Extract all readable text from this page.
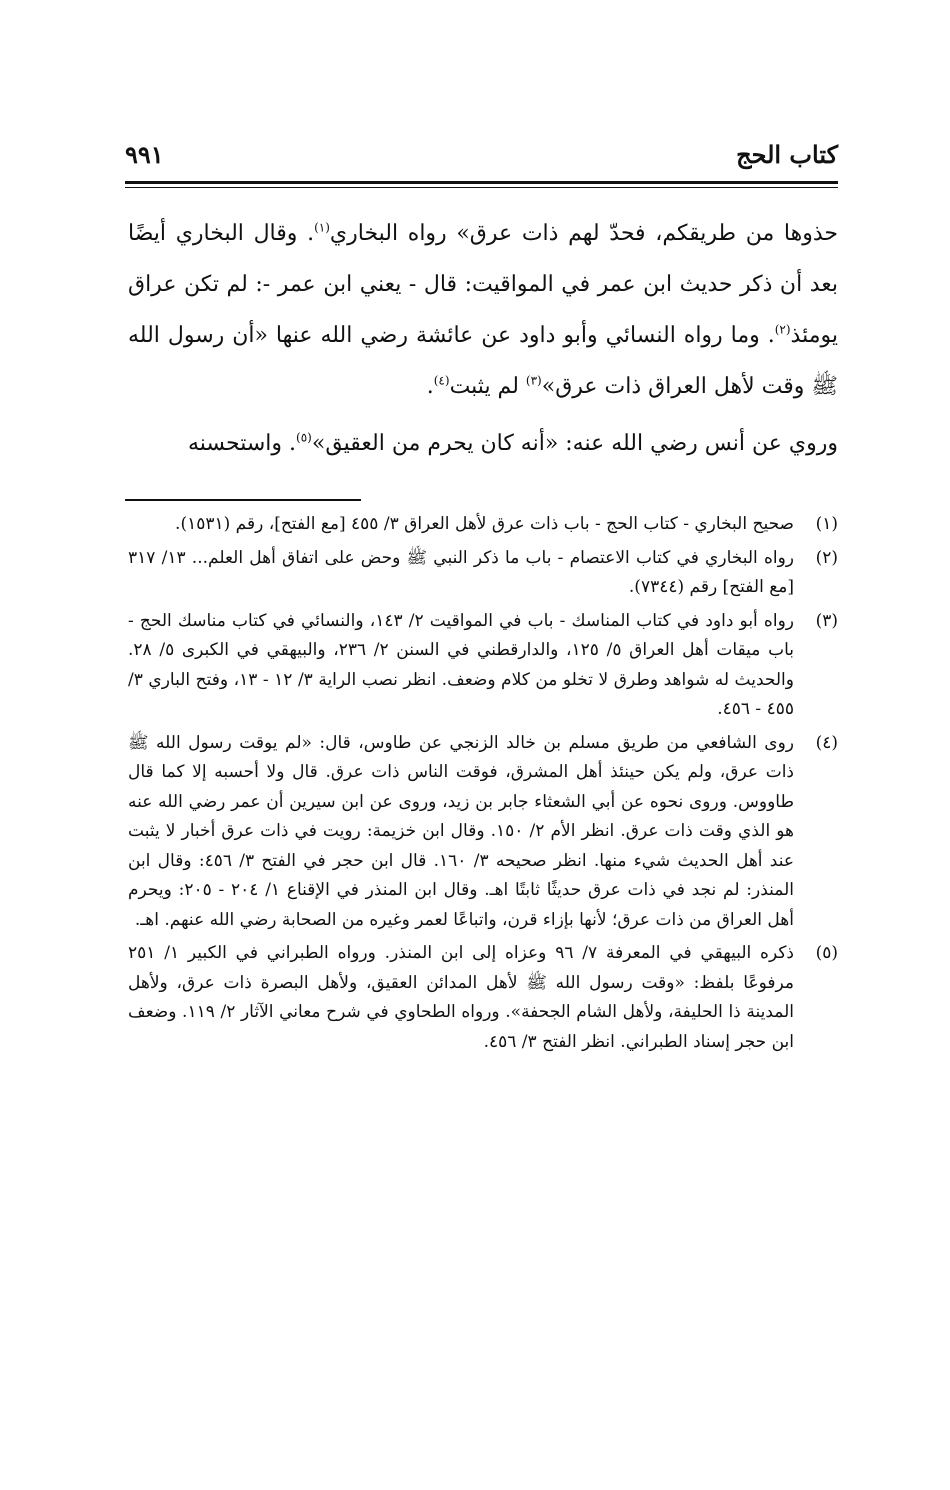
كتاب الحج
٩٩١

حذوها من طريقكم، فحدّ لهم ذات عرق» رواه البخاري$^{(١)}$. وقال البخاري أيضًا بعد أن ذكر حديث ابن عمر في المواقيت: قال - يعني ابن عمر -: لم تكن عراق يومئذ$^{(٢)}$. وما رواه النسائي وأبو داود عن عائشة رضي الله عنها «أن رسول الله ﷺ وقت لأهل العراق ذات عرق»$^{(٣)}$ لم يثبت$^{(٤)}$.

وروي عن أنس رضي الله عنه: «أنه كان يحرم من العقيق»$^{(٥)}$. واستحسنه

(١)
صحيح البخاري - كتاب الحج - باب ذات عرق لأهل العراق ٣/ ٤٥٥ [مع الفتح]، رقم (١٥٣١).
(٢)
رواه البخاري في كتاب الاعتصام - باب ما ذكر النبي ﷺ وحض على اتفاق أهل العلم... ١٣/ ٣١٧ [مع الفتح] رقم (٧٣٤٤).
(٣)
رواه أبو داود في كتاب المناسك - باب في المواقيت ٢/ ١٤٣، والنسائي في كتاب مناسك الحج - باب ميقات أهل العراق ٥/ ١٢٥، والدارقطني في السنن ٢/ ٢٣٦، والبيهقي في الكبرى ٥/ ٢٨. والحديث له شواهد وطرق لا تخلو من كلام وضعف. انظر نصب الراية ٣/ ١٢ - ١٣، وفتح الباري ٣/ ٤٥٥ - ٤٥٦.
(٤)
روى الشافعي من طريق مسلم بن خالد الزنجي عن طاوس، قال: «لم يوقت رسول الله ﷺ ذات عرق، ولم يكن حينئذ أهل المشرق، فوقت الناس ذات عرق. قال ولا أحسبه إلا كما قال طاووس. وروى نحوه عن أبي الشعثاء جابر بن زيد، وروى عن ابن سيرين أن عمر رضي الله عنه هو الذي وقت ذات عرق. انظر الأم ٢/ ١٥٠. وقال ابن خزيمة: رويت في ذات عرق أخبار لا يثبت عند أهل الحديث شيء منها. انظر صحيحه ٣/ ١٦٠. قال ابن حجر في الفتح ٣/ ٤٥٦: وقال ابن المنذر: لم نجد في ذات عرق حديثًا ثابتًا اهـ. وقال ابن المنذر في الإقناع ١/ ٢٠٤ - ٢٠٥: ويحرم أهل العراق من ذات عرق؛ لأنها بإزاء قرن، واتباعًا لعمر وغيره من الصحابة رضي الله عنهم. اهـ.
(٥)
ذكره البيهقي في المعرفة ٧/ ٩٦ وعزاه إلى ابن المنذر. ورواه الطبراني في الكبير ١/ ٢٥١ مرفوعًا بلفظ: «وقت رسول الله ﷺ لأهل المدائن العقيق، ولأهل البصرة ذات عرق، ولأهل المدينة ذا الحليفة، ولأهل الشام الجحفة». ورواه الطحاوي في شرح معاني الآثار ٢/ ١١٩. وضعف ابن حجر إسناد الطبراني. انظر الفتح ٣/ ٤٥٦.
